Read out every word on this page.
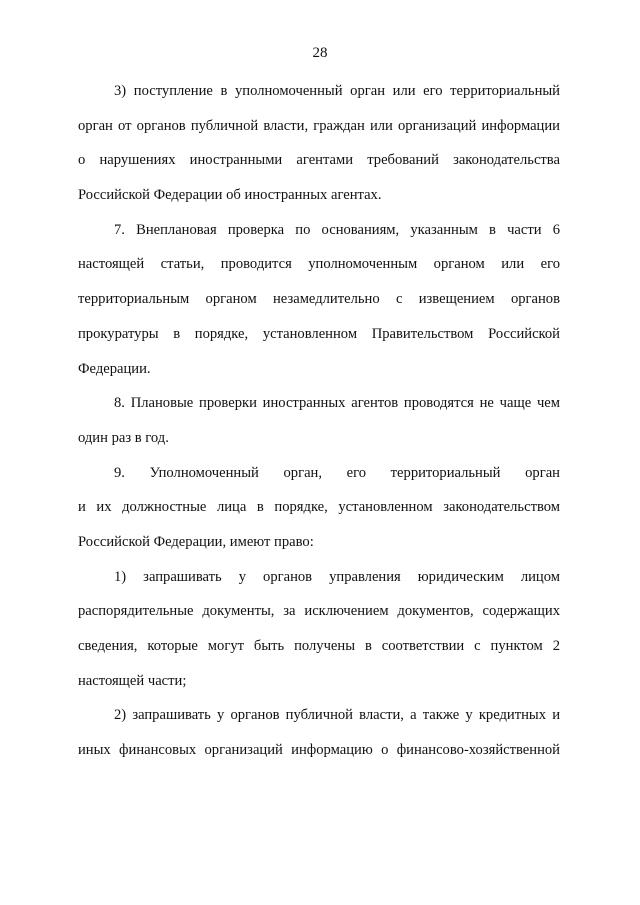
28
3) поступление в уполномоченный орган или его территориальный
орган от органов публичной власти, граждан или организаций информации
о нарушениях иностранными агентами требований законодательства
Российской Федерации об иностранных агентах.
7. Внеплановая проверка по основаниям, указанным в части 6
настоящей статьи, проводится уполномоченным органом или его
территориальным органом незамедлительно с извещением органов
прокуратуры в порядке, установленном Правительством Российской
Федерации.
8. Плановые проверки иностранных агентов проводятся не чаще чем
один раз в год.
9. Уполномоченный орган, его территориальный орган
и их должностные лица в порядке, установленном законодательством
Российской Федерации, имеют право:
1) запрашивать у органов управления юридическим лицом
распорядительные документы, за исключением документов, содержащих
сведения, которые могут быть получены в соответствии с пунктом 2
настоящей части;
2) запрашивать у органов публичной власти, а также у кредитных и
иных финансовых организаций информацию о финансово-хозяйственной
